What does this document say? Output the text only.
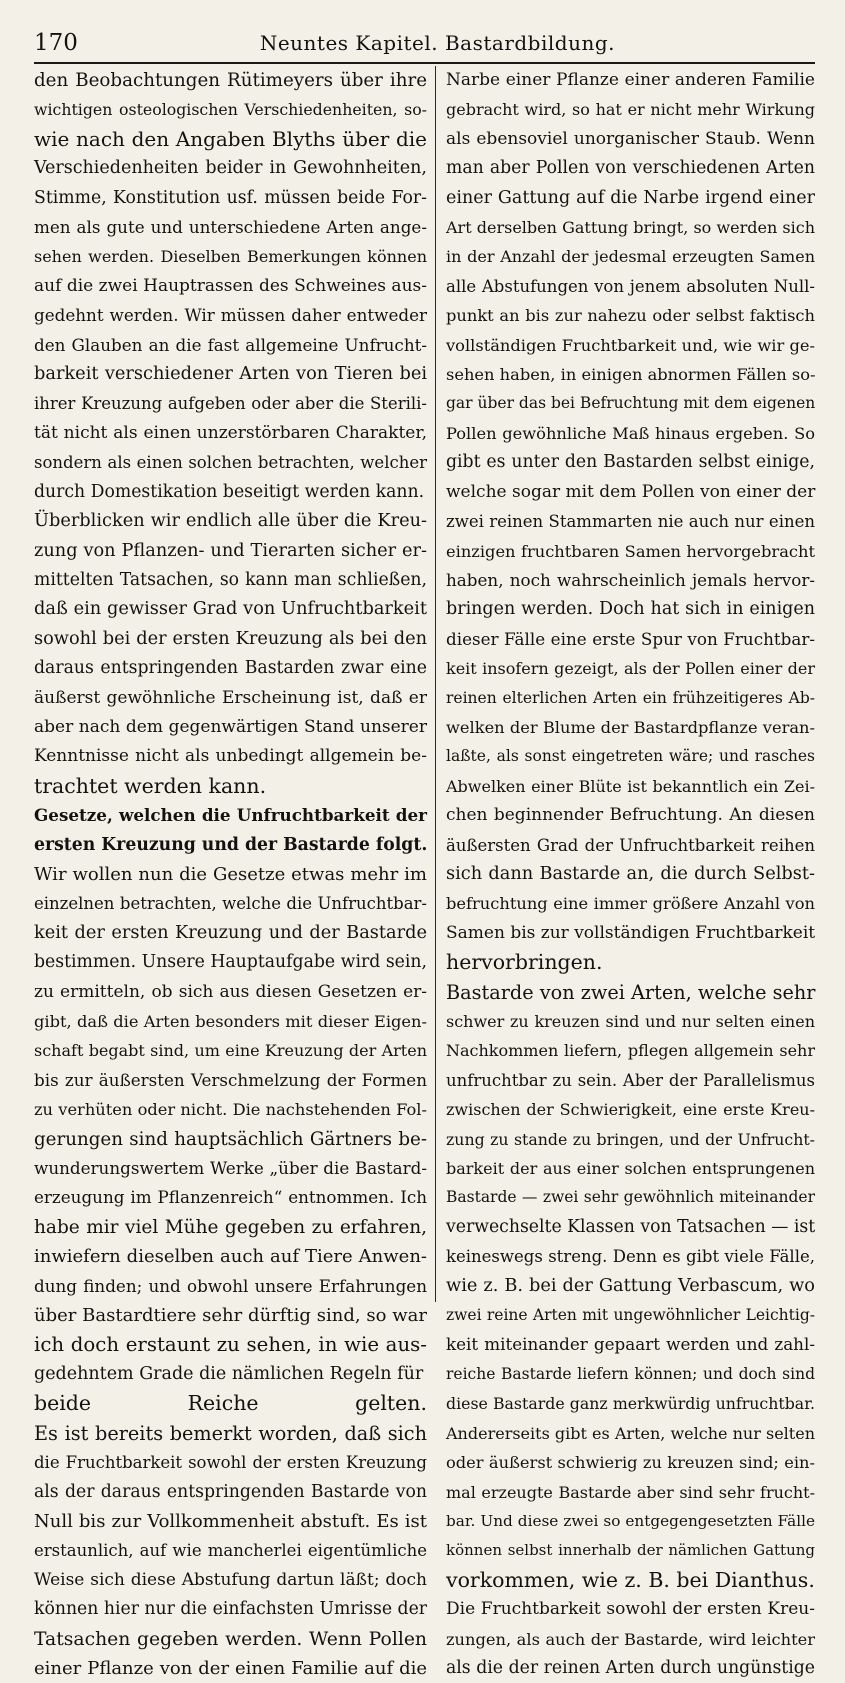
170	Neuntes Kapitel. Bastardbildung.
den Beobachtungen Rütimeyers über ihre
wichtigen osteologischen Verschiedenheiten, so-
wie nach den Angaben Blyths über die
Verschiedenheiten beider in Gewohnheiten,
Stimme, Konstitution usf. müssen beide For-
men als gute und unterschiedene Arten ange-
sehen werden. Dieselben Bemerkungen können
auf die zwei Hauptrassen des Schweines aus-
gedehnt werden. Wir müssen daher entweder
den Glauben an die fast allgemeine Unfrucht-
barkeit verschiedener Arten von Tieren bei
ihrer Kreuzung aufgeben oder aber die Sterili-
tät nicht als einen unzerstörbaren Charakter,
sondern als einen solchen betrachten, welcher
durch Domestikation beseitigt werden kann.
Überblicken wir endlich alle über die Kreu-
zung von Pflanzen- und Tierarten sicher er-
mittelten Tatsachen, so kann man schließen,
daß ein gewisser Grad von Unfruchtbarkeit
sowohl bei der ersten Kreuzung als bei den
daraus entspringenden Bastarden zwar eine
äußerst gewöhnliche Erscheinung ist, daß er
aber nach dem gegenwärtigen Stand unserer
Kenntnisse nicht als unbedingt allgemein be-
trachtet werden kann.
Gesetze, welchen die Unfruchtbarkeit der
ersten Kreuzung und der Bastarde folgt.
Wir wollen nun die Gesetze etwas mehr im
einzelnen betrachten, welche die Unfruchtbar-
keit der ersten Kreuzung und der Bastarde
bestimmen. Unsere Hauptaufgabe wird sein,
zu ermitteln, ob sich aus diesen Gesetzen er-
gibt, daß die Arten besonders mit dieser Eigen-
schaft begabt sind, um eine Kreuzung der Arten
bis zur äußersten Verschmelzung der Formen
zu verhüten oder nicht. Die nachstehenden Fol-
gerungen sind hauptsächlich Gärtners be-
wunderungswertem Werke „über die Bastard-
erzeugung im Pflanzenreich“ entnommen. Ich
habe mir viel Mühe gegeben zu erfahren,
inwiefern dieselben auch auf Tiere Anwen-
dung finden; und obwohl unsere Erfahrungen
über Bastardtiere sehr dürftig sind, so war
ich doch erstaunt zu sehen, in wie aus-
gedehntem Grade die nämlichen Regeln für
beide Reiche gelten.
Es ist bereits bemerkt worden, daß sich
die Fruchtbarkeit sowohl der ersten Kreuzung
als der daraus entspringenden Bastarde von
Null bis zur Vollkommenheit abstuft. Es ist
erstaunlich, auf wie mancherlei eigentümliche
Weise sich diese Abstufung dartun läßt; doch
können hier nur die einfachsten Umrisse der
Tatsachen gegeben werden. Wenn Pollen
einer Pflanze von der einen Familie auf die
Narbe einer Pflanze einer anderen Familie
gebracht wird, so hat er nicht mehr Wirkung
als ebensoviel unorganischer Staub. Wenn
man aber Pollen von verschiedenen Arten
einer Gattung auf die Narbe irgend einer
Art derselben Gattung bringt, so werden sich
in der Anzahl der jedesmal erzeugten Samen
alle Abstufungen von jenem absoluten Null-
punkt an bis zur nahezu oder selbst faktisch
vollständigen Fruchtbarkeit und, wie wir ge-
sehen haben, in einigen abnormen Fällen so-
gar über das bei Befruchtung mit dem eigenen
Pollen gewöhnliche Maß hinaus ergeben. So
gibt es unter den Bastarden selbst einige,
welche sogar mit dem Pollen von einer der
zwei reinen Stammarten nie auch nur einen
einzigen fruchtbaren Samen hervorgebracht
haben, noch wahrscheinlich jemals hervor-
bringen werden. Doch hat sich in einigen
dieser Fälle eine erste Spur von Fruchtbar-
keit insofern gezeigt, als der Pollen einer der
reinen elterlichen Arten ein frühzeitigeres Ab-
welken der Blume der Bastardpflanze veran-
laßte, als sonst eingetreten wäre; und rasches
Abwelken einer Blüte ist bekanntlich ein Zei-
chen beginnender Befruchtung. An diesen
äußersten Grad der Unfruchtbarkeit reihen
sich dann Bastarde an, die durch Selbst-
befruchtung eine immer größere Anzahl von
Samen bis zur vollständigen Fruchtbarkeit
hervorbringen.
Bastarde von zwei Arten, welche sehr
schwer zu kreuzen sind und nur selten einen
Nachkommen liefern, pflegen allgemein sehr
unfruchtbar zu sein. Aber der Parallelismus
zwischen der Schwierigkeit, eine erste Kreu-
zung zu stande zu bringen, und der Unfrucht-
barkeit der aus einer solchen entsprungenen
Bastarde — zwei sehr gewöhnlich miteinander
verwechselte Klassen von Tatsachen — ist
keineswegs streng. Denn es gibt viele Fälle,
wie z. B. bei der Gattung Verbascum, wo
zwei reine Arten mit ungewöhnlicher Leichtig-
keit miteinander gepaart werden und zahl-
reiche Bastarde liefern können; und doch sind
diese Bastarde ganz merkwürdig unfruchtbar.
Andererseits gibt es Arten, welche nur selten
oder äußerst schwierig zu kreuzen sind; ein-
mal erzeugte Bastarde aber sind sehr frucht-
bar. Und diese zwei so entgegengesetzten Fälle
können selbst innerhalb der nämlichen Gattung
vorkommen, wie z. B. bei Dianthus.
Die Fruchtbarkeit sowohl der ersten Kreu-
zungen, als auch der Bastarde, wird leichter
als die der reinen Arten durch ungünstige
